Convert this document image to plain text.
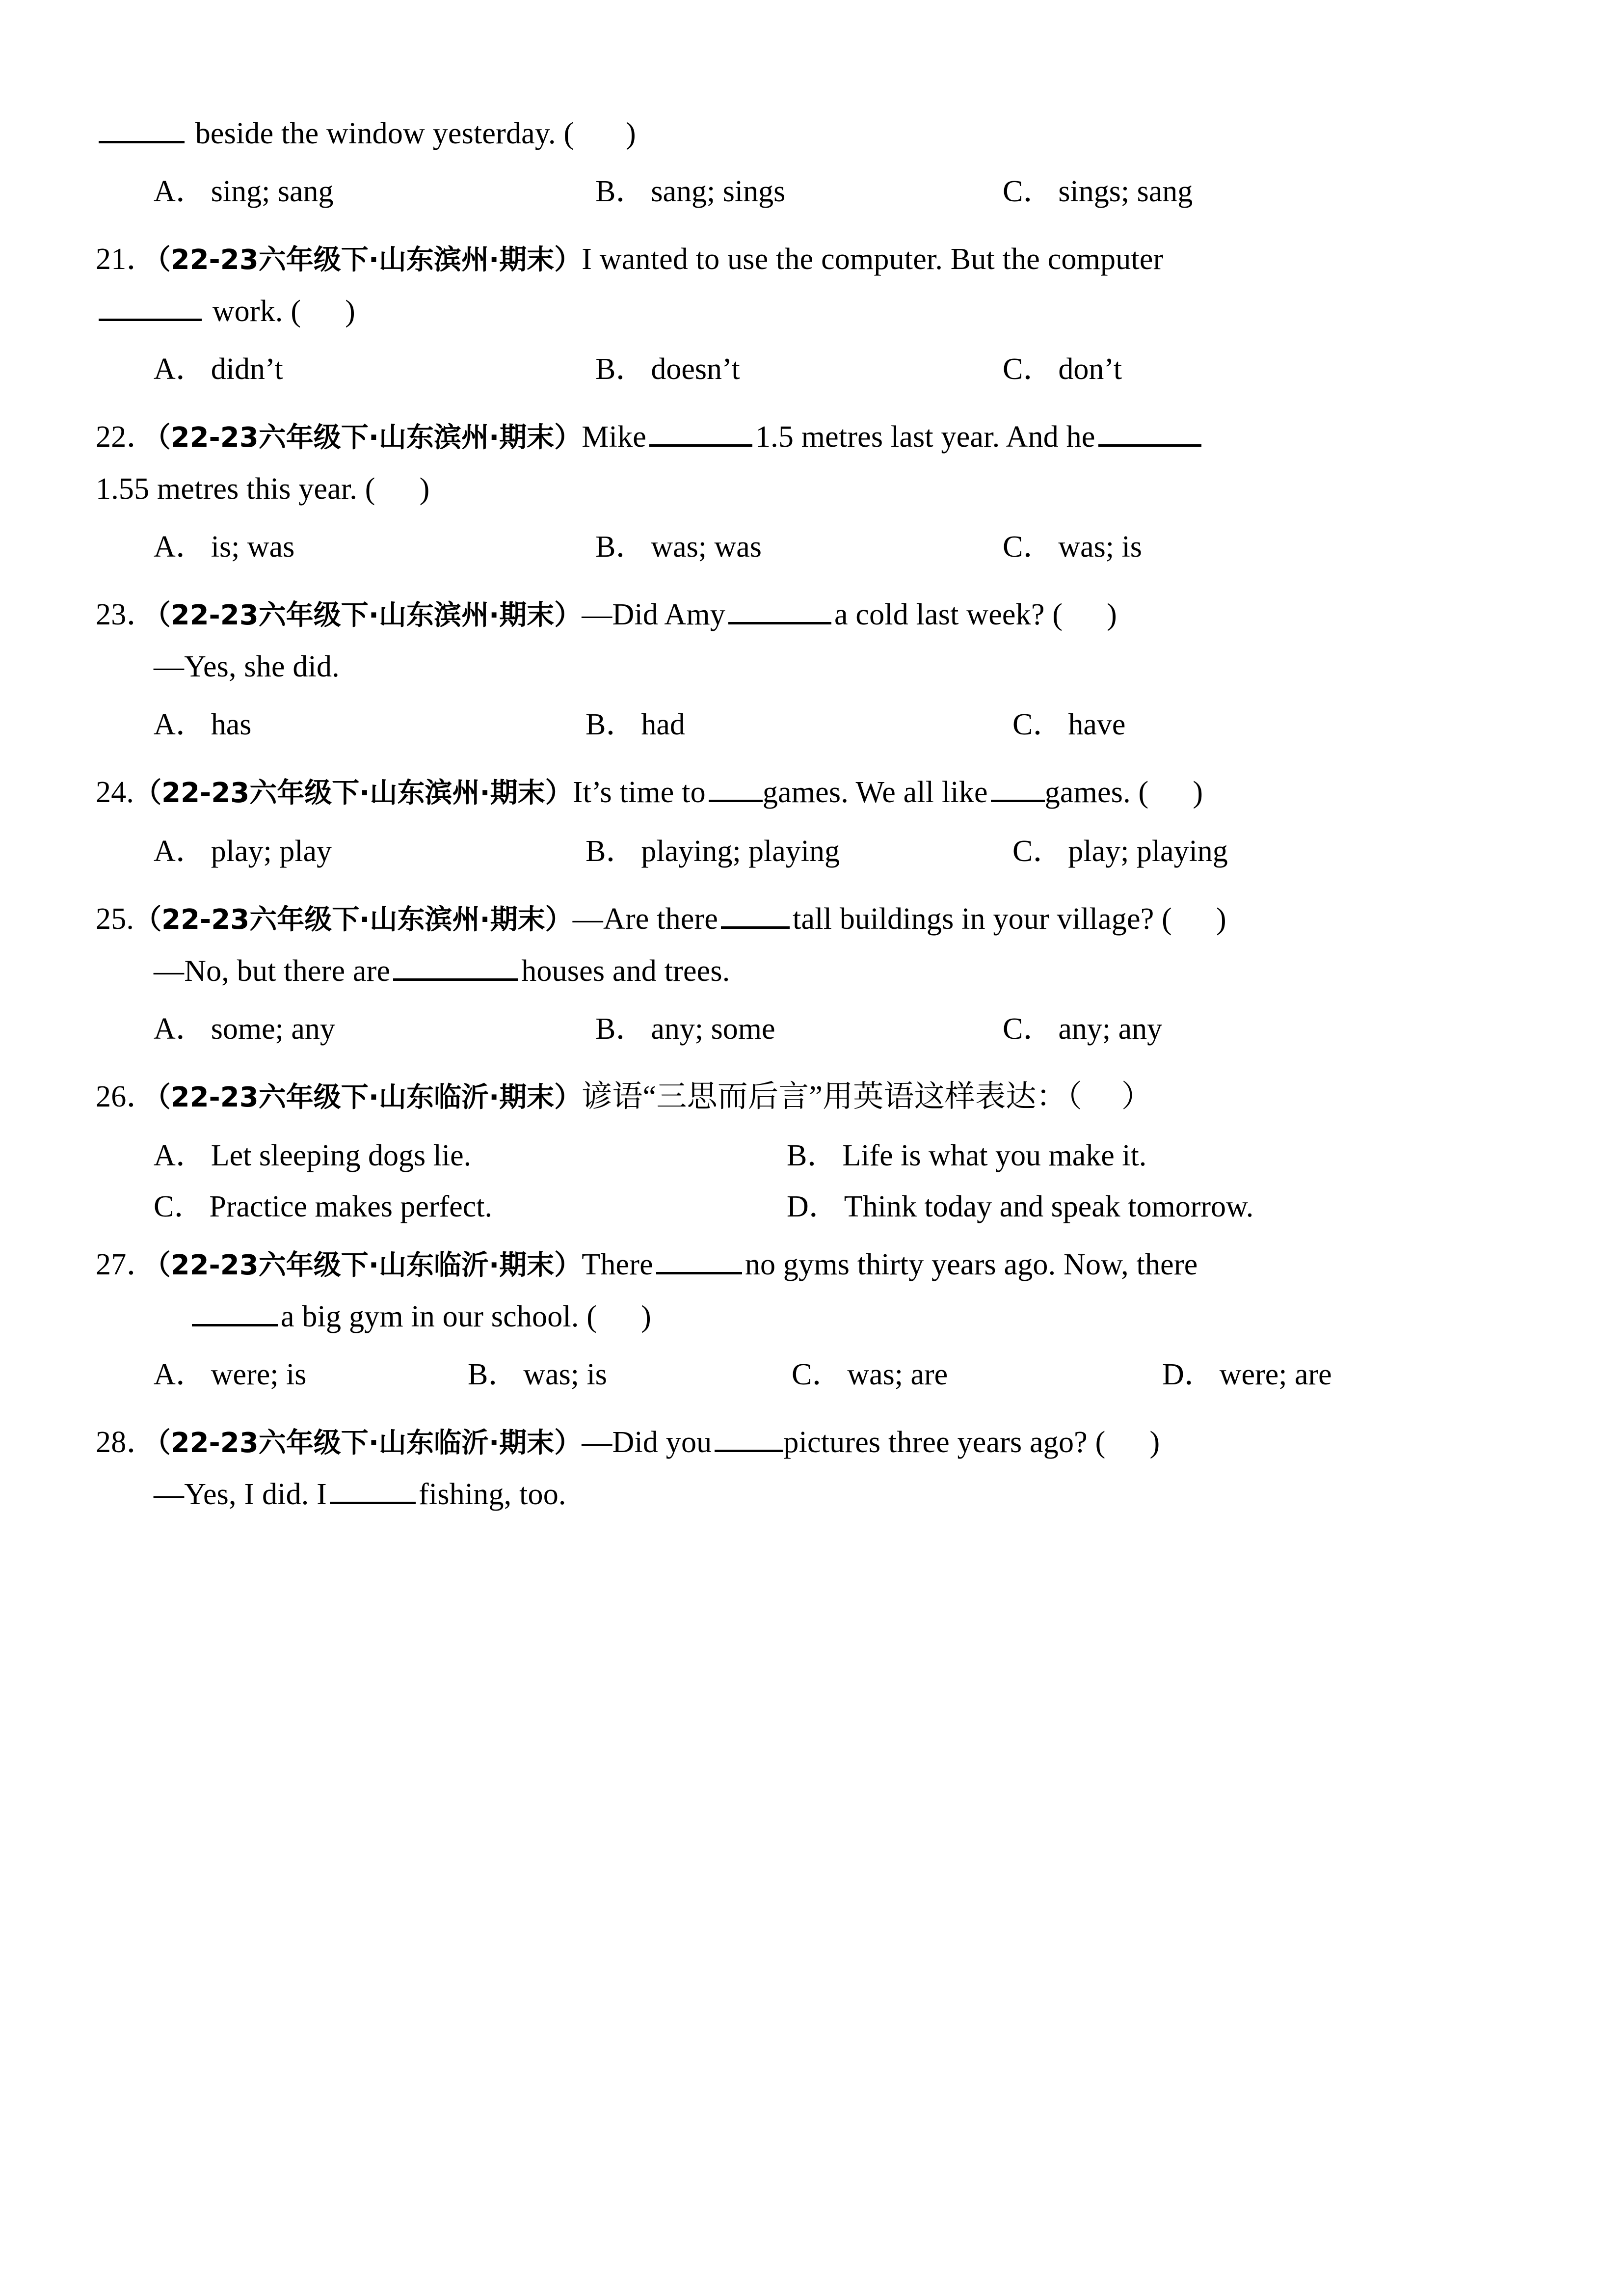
beside the window yesterday. ( )
A． sing; sang	B． sang; sings	C． sings; sang
21．（22-23六年级下·山东滨州·期末）I wanted to use the computer. But the computer
work. ( )
A． didn’t	B． doesn’t	C． don’t
22．（22-23六年级下·山东滨州·期末）Mike	1.5 metres last year. And he
1.55 metres this year. ( )
A． is; was	B． was; was	C． was; is
23．（22-23六年级下·山东滨州·期末）—Did Amy	a cold last week? ( )
—Yes, she did.
A． has	B． had	C． have
24.（22-23六年级下·山东滨州·期末）It’s time to games. We all like games. ( )
A． play; play	B． playing; playing	C． play; playing
25.（22-23六年级下·山东滨州·期末）—Are there tall buildings in your village? ( )
—No, but there are	houses and trees.
A． some; any	B． any; some	C． any; any
26．（22-23六年级下·山东临沂·期末）谚语“三思而后言”用英语这样表达：（ ）
A． Let sleeping dogs lie.	B． Life is what you make it.
C． Practice makes perfect.	D． Think today and speak tomorrow.
27．（22-23六年级下·山东临沂·期末）There	no gyms thirty years ago. Now, there
a big gym in our school. ( )
A． were; is	B． was; is	C． was; are	D． were; are
28．（22-23六年级下·山东临沂·期末）—Did you pictures three years ago? ( )
—Yes, I did. I	fishing, too.
